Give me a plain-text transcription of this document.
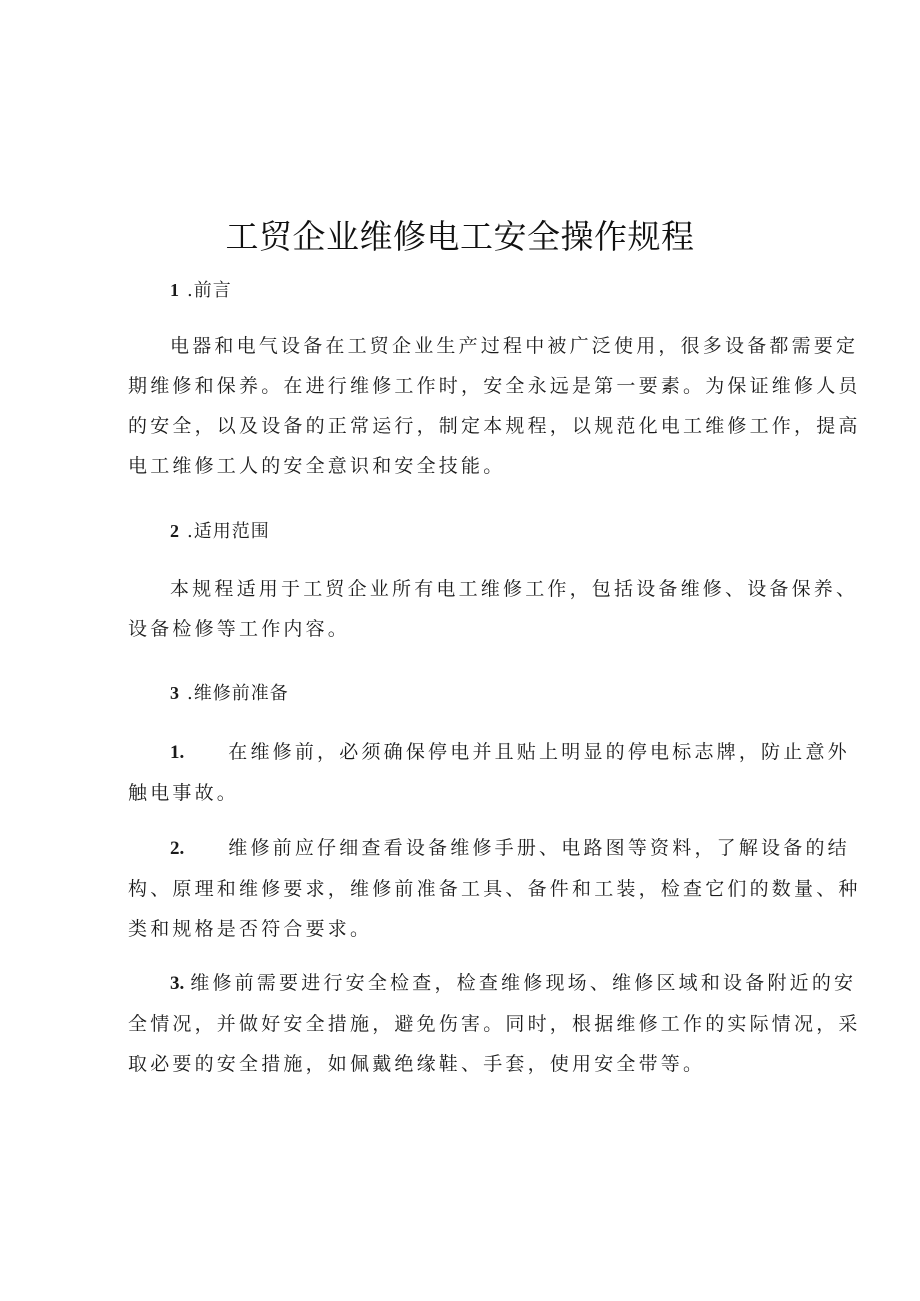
工贸企业维修电工安全操作规程
1 .前言
电器和电气设备在工贸企业生产过程中被广泛使用，很多设备都需要定
期维修和保养。在进行维修工作时，安全永远是第一要素。为保证维修人员
的安全，以及设备的正常运行，制定本规程，以规范化电工维修工作，提高
电工维修工人的安全意识和安全技能。
2 .适用范围
本规程适用于工贸企业所有电工维修工作，包括设备维修、设备保养、
设备检修等工作内容。
3 .维修前准备
1. 在维修前，必须确保停电并且贴上明显的停电标志牌，防止意外
触电事故。
2. 维修前应仔细查看设备维修手册、电路图等资料，了解设备的结
构、原理和维修要求，维修前准备工具、备件和工装，检查它们的数量、种
类和规格是否符合要求。
3. 维修前需要进行安全检查，检查维修现场、维修区域和设备附近的安
全情况，并做好安全措施，避免伤害。同时，根据维修工作的实际情况，采
取必要的安全措施，如佩戴绝缘鞋、手套，使用安全带等。
